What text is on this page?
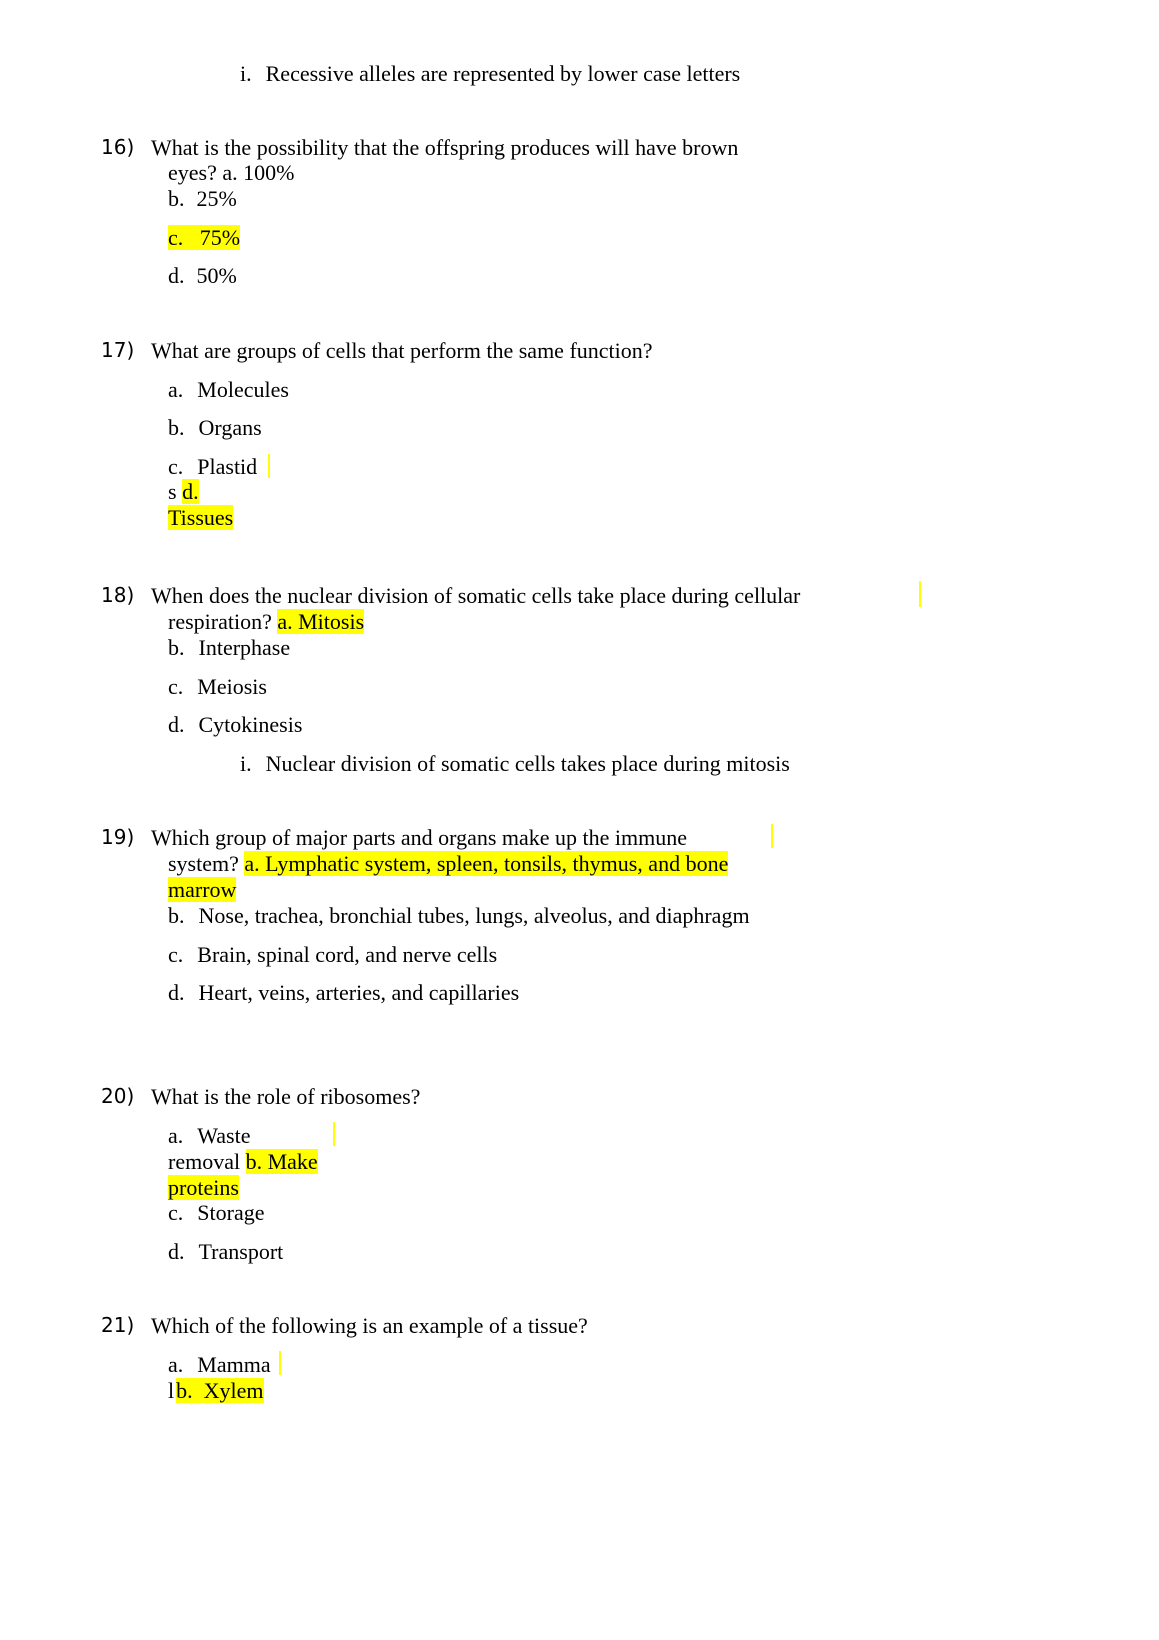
i. Recessive alleles are represented by lower case letters
16) What is the possibility that the offspring produces will have brown
eyes? a. 100%
b. 25%
c.   75%
d. 50%
17) What are groups of cells that perform the same function?
a. Molecules
b. Organs
c. Plastid
s d.
Tissues
18) When does the nuclear division of somatic cells take place during cellular
respiration? a. Mitosis
b. Interphase
c. Meiosis
d. Cytokinesis
i. Nuclear division of somatic cells takes place during mitosis
19) Which group of major parts and organs make up the immune
system? a. Lymphatic system, spleen, tonsils, thymus, and bone
marrow
b. Nose, trachea, bronchial tubes, lungs, alveolus, and diaphragm
c. Brain, spinal cord, and nerve cells
d. Heart, veins, arteries, and capillaries
20) What is the role of ribosomes?
a. Waste
removal b. Make
proteins
c. Storage
d. Transport
21) Which of the following is an example of a tissue?
a. Mamma
lb.  Xylem
